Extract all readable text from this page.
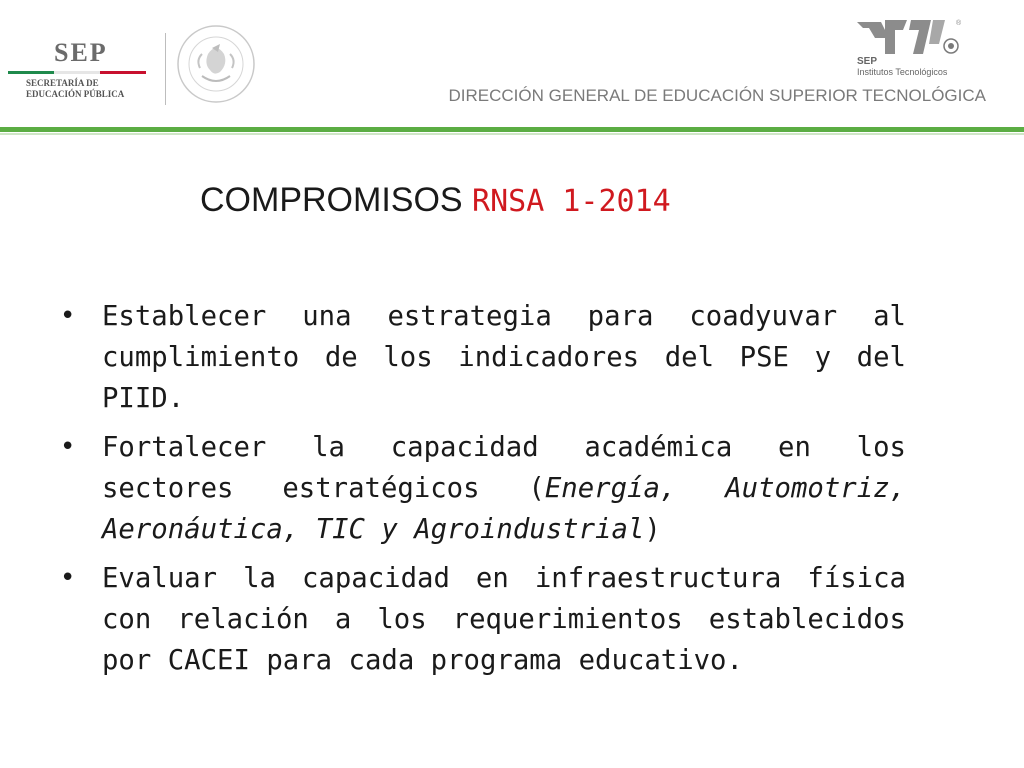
SEP
SECRETARÍA DE
EDUCACIÓN PÚBLICA
®
SEP
Institutos Tecnológicos
DIRECCIÓN GENERAL DE EDUCACIÓN SUPERIOR TECNOLÓGICA
COMPROMISOS RNSA 1-2014
• Establecer una estrategia para coadyuvar al cumplimiento de los indicadores del PSE y del PIID.
• Fortalecer la capacidad académica en los sectores estratégicos (Energía, Automotriz, Aeronáutica, TIC y Agroindustrial)
• Evaluar la capacidad en infraestructura física con relación a los requerimientos establecidos por CACEI para cada programa educativo.
